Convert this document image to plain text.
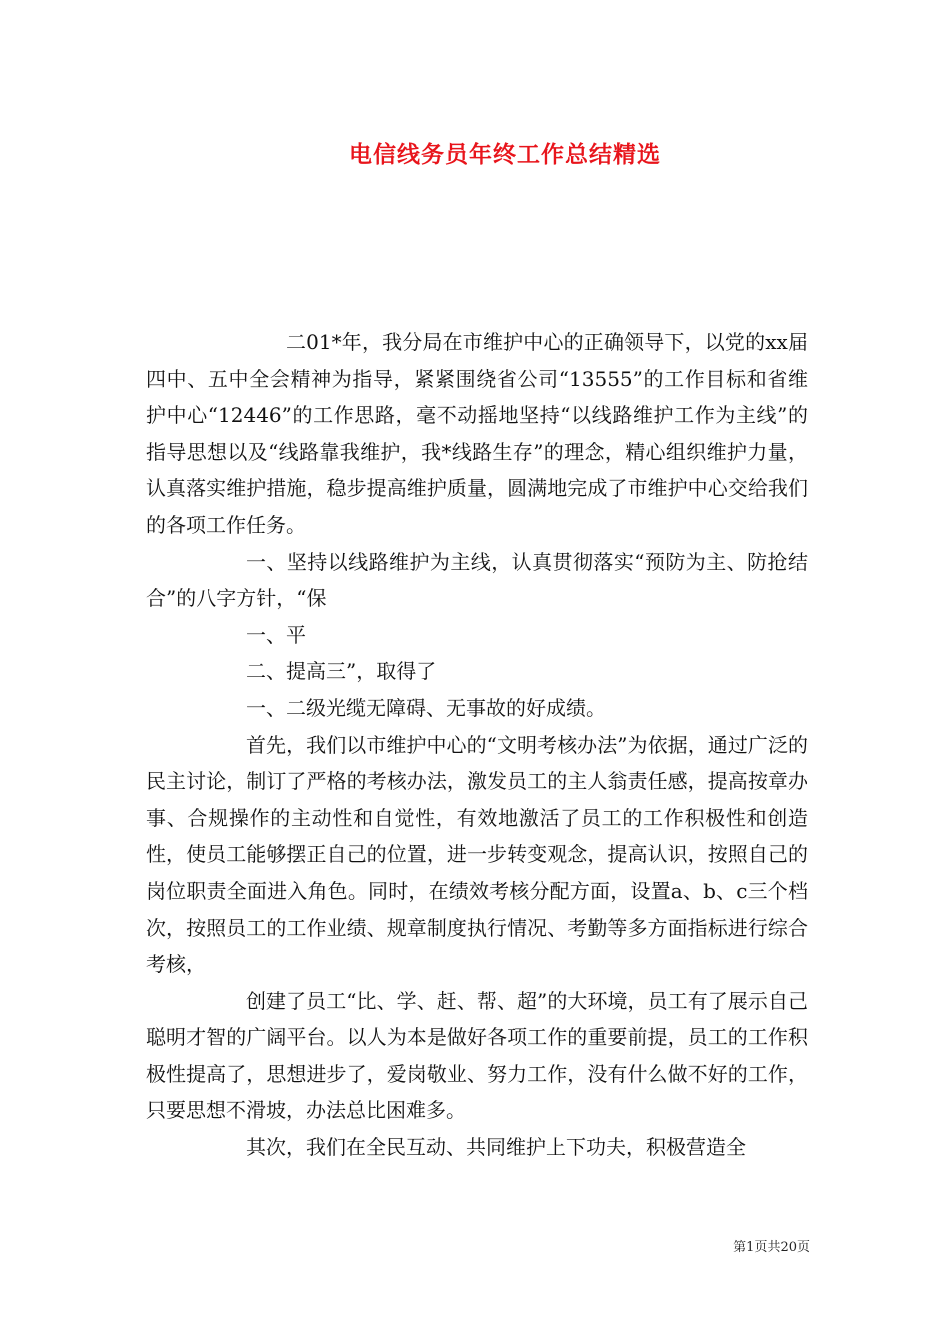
电信线务员年终工作总结精选

二01*年，我分局在市维护中心的正确领导下，以党的xx届四中、五中全会精神为指导，紧紧围绕省公司“13555”的工作目标和省维护中心“12446”的工作思路，毫不动摇地坚持“以线路维护工作为主线”的指导思想以及“线路靠我维护，我*线路生存”的理念，精心组织维护力量，认真落实维护措施，稳步提高维护质量，圆满地完成了市维护中心交给我们的各项工作任务。

一、坚持以线路维护为主线，认真贯彻落实“预防为主、防抢结合”的八字方针，“保

一、平

二、提高三”，取得了

一、二级光缆无障碍、无事故的好成绩。

首先，我们以市维护中心的“文明考核办法”为依据，通过广泛的民主讨论，制订了严格的考核办法，激发员工的主人翁责任感，提高按章办事、合规操作的主动性和自觉性，有效地激活了员工的工作积极性和创造性，使员工能够摆正自己的位置，进一步转变观念，提高认识，按照自己的岗位职责全面进入角色。同时，在绩效考核分配方面，设置a、b、c三个档次，按照员工的工作业绩、规章制度执行情况、考勤等多方面指标进行综合考核，

创建了员工“比、学、赶、帮、超”的大环境，员工有了展示自己聪明才智的广阔平台。以人为本是做好各项工作的重要前提，员工的工作积极性提高了，思想进步了，爱岗敬业、努力工作，没有什么做不好的工作，只要思想不滑坡，办法总比困难多。

其次，我们在全民互动、共同维护上下功夫，积极营造全

第1页共20页
